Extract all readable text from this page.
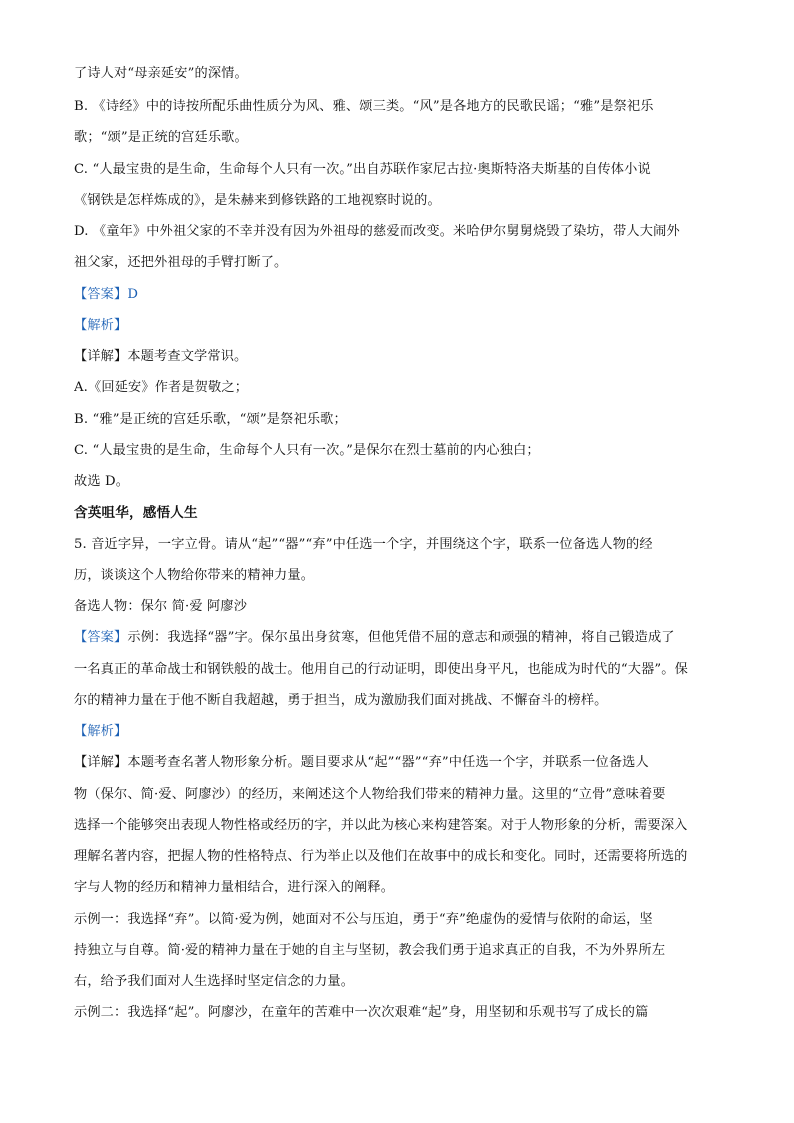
了诗人对“母亲延安”的深情。
B. 《诗经》中的诗按所配乐曲性质分为风、雅、颂三类。“风”是各地方的民歌民谣；“雅”是祭祀乐
歌；“颂”是正统的宫廷乐歌。
C. “人最宝贵的是生命，生命每个人只有一次。”出自苏联作家尼古拉·奥斯特洛夫斯基的自传体小说
《钢铁是怎样炼成的》，是朱赫来到修铁路的工地视察时说的。
D. 《童年》中外祖父家的不幸并没有因为外祖母的慈爱而改变。米哈伊尔舅舅烧毁了染坊，带人大闹外
祖父家，还把外祖母的手臂打断了。
【答案】D
【解析】
【详解】本题考查文学常识。
A.《回延安》作者是贺敬之；
B. “雅”是正统的宫廷乐歌，“颂”是祭祀乐歌；
C. “人最宝贵的是生命，生命每个人只有一次。”是保尔在烈士墓前的内心独白；
故选 D。
含英咀华，感悟人生
5. 音近字异，一字立骨。请从“起”“器”“弃”中任选一个字，并围绕这个字，联系一位备选人物的经
历，谈谈这个人物给你带来的精神力量。
备选人物：保尔 简·爱 阿廖沙
【答案】示例：我选择“器”字。保尔虽出身贫寒，但他凭借不屈的意志和顽强的精神，将自己锻造成了
一名真正的革命战士和钢铁般的战士。他用自己的行动证明，即使出身平凡，也能成为时代的“大器”。保
尔的精神力量在于他不断自我超越，勇于担当，成为激励我们面对挑战、不懈奋斗的榜样。
【解析】
【详解】本题考查名著人物形象分析。题目要求从“起”“器”“弃”中任选一个字，并联系一位备选人
物（保尔、简·爱、阿廖沙）的经历，来阐述这个人物给我们带来的精神力量。这里的“立骨”意味着要
选择一个能够突出表现人物性格或经历的字，并以此为核心来构建答案。对于人物形象的分析，需要深入
理解名著内容，把握人物的性格特点、行为举止以及他们在故事中的成长和变化。同时，还需要将所选的
字与人物的经历和精神力量相结合，进行深入的阐释。
示例一：我选择“弃”。以简·爱为例，她面对不公与压迫，勇于“弃”绝虚伪的爱情与依附的命运，坚
持独立与自尊。简·爱的精神力量在于她的自主与坚韧，教会我们勇于追求真正的自我，不为外界所左
右，给予我们面对人生选择时坚定信念的力量。
示例二：我选择“起”。阿廖沙，在童年的苦难中一次次艰难“起”身，用坚韧和乐观书写了成长的篇
